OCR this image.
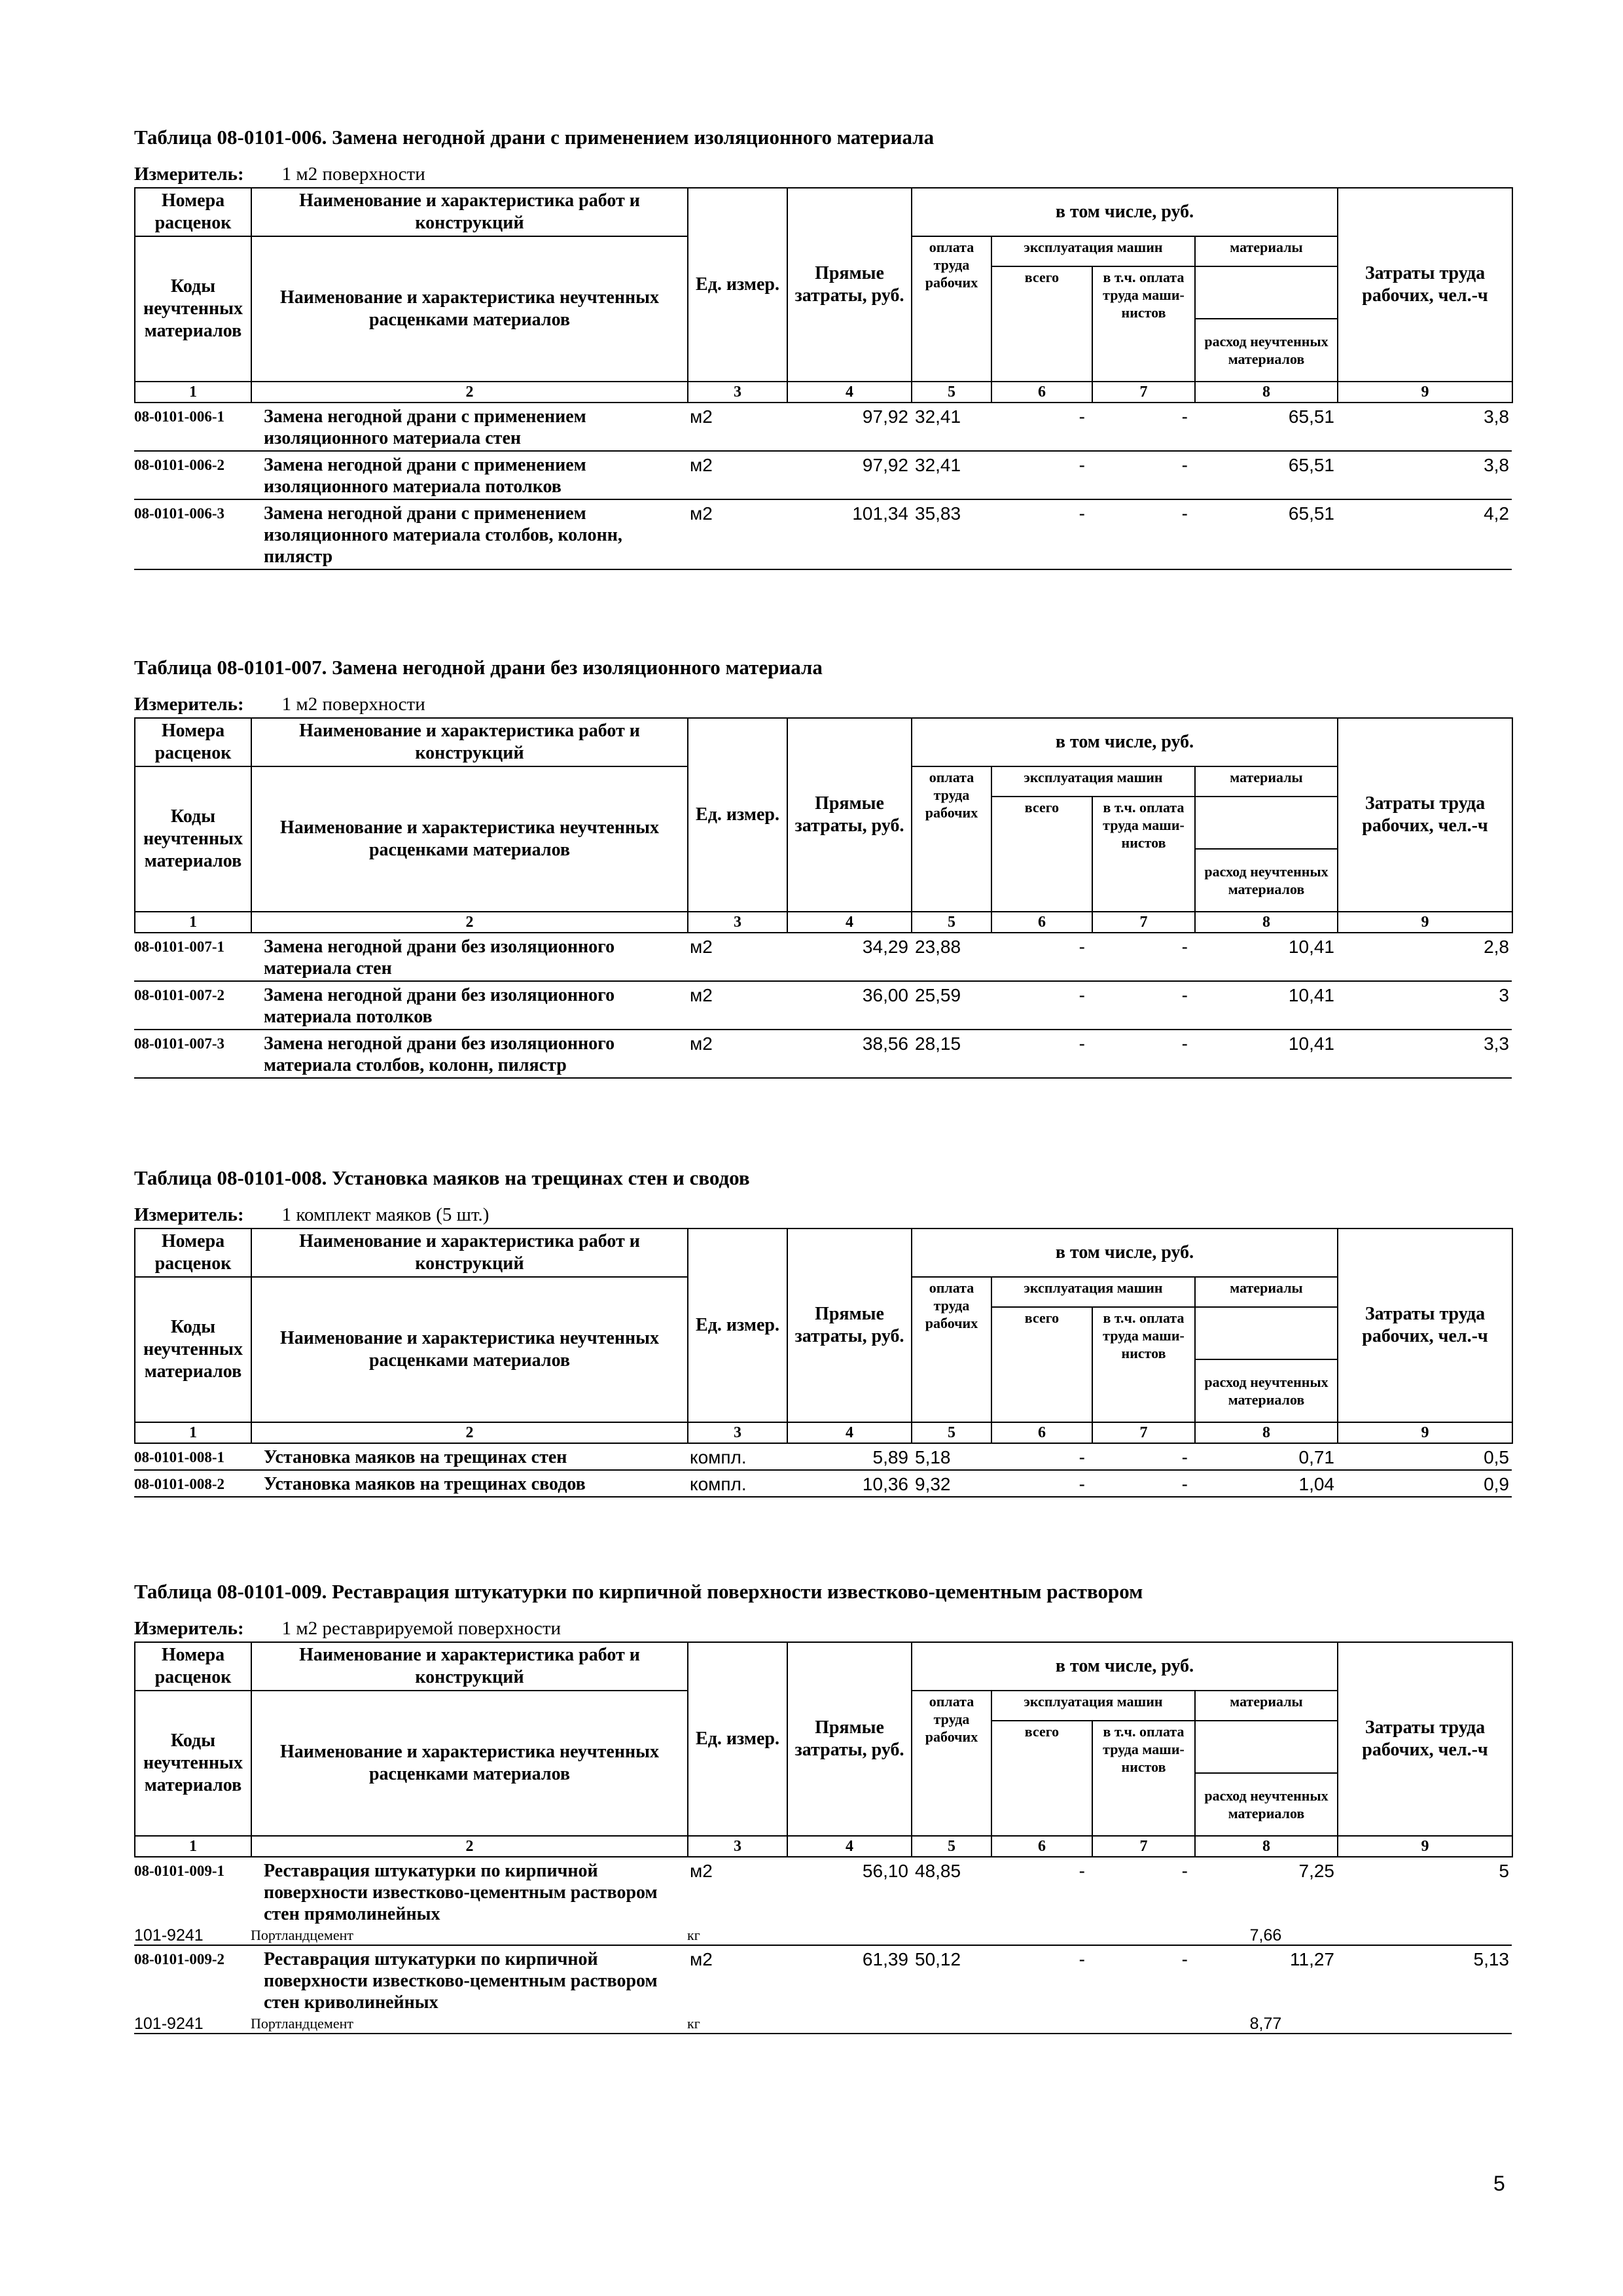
Таблица 08-0101-006. Замена негодной драни с применением изоляционного материала
Измеритель: 1 м2 поверхности
Номера расценок	Наименование и характеристика работ и конструкций	Ед. измер.	Прямые затраты, руб.	в том числе, руб.				Затраты труда рабочих, чел.-ч
Коды неучтенных материалов	Наименование и характеристика неучтенных расценками материалов			оплата труда рабочих	эксплуатация машин		материалы	
					всего	в т.ч. оплата труда маши-нистов		
							расход неучтенных материалов	
1	2	3	4	5	6	7	8	9
08-0101-006-1	Замена негодной драни с применением изоляционного материала стен	м2	97,92	32,41	-	-	65,51	3,8
08-0101-006-2	Замена негодной драни с применением изоляционного материала потолков	м2	97,92	32,41	-	-	65,51	3,8
08-0101-006-3	Замена негодной драни с применением изоляционного материала столбов, колонн, пилястр	м2	101,34	35,83	-	-	65,51	4,2
Таблица 08-0101-007. Замена негодной драни без изоляционного материала
Измеритель: 1 м2 поверхности
Номера расценок	Наименование и характеристика работ и конструкций	Ед. измер.	Прямые затраты, руб.	в том числе, руб.				Затраты труда рабочих, чел.-ч
Коды неучтенных материалов	Наименование и характеристика неучтенных расценками материалов			оплата труда рабочих	эксплуатация машин		материалы	
					всего	в т.ч. оплата труда маши-нистов		
							расход неучтенных материалов	
1	2	3	4	5	6	7	8	9
08-0101-007-1	Замена негодной драни без изоляционного материала стен	м2	34,29	23,88	-	-	10,41	2,8
08-0101-007-2	Замена негодной драни без изоляционного материала потолков	м2	36,00	25,59	-	-	10,41	3
08-0101-007-3	Замена негодной драни без изоляционного материала столбов, колонн, пилястр	м2	38,56	28,15	-	-	10,41	3,3
Таблица 08-0101-008. Установка маяков на трещинах стен и сводов
Измеритель: 1 комплект маяков (5 шт.)
Номера расценок	Наименование и характеристика работ и конструкций	Ед. измер.	Прямые затраты, руб.	в том числе, руб.				Затраты труда рабочих, чел.-ч
Коды неучтенных материалов	Наименование и характеристика неучтенных расценками материалов			оплата труда рабочих	эксплуатация машин		материалы	
					всего	в т.ч. оплата труда маши-нистов		
							расход неучтенных материалов	
1	2	3	4	5	6	7	8	9
08-0101-008-1	Установка маяков на трещинах стен	компл.	5,89	5,18	-	-	0,71	0,5
08-0101-008-2	Установка маяков на трещинах сводов	компл.	10,36	9,32	-	-	1,04	0,9
Таблица 08-0101-009. Реставрация штукатурки по кирпичной поверхности известково-цементным раствором
Измеритель: 1 м2 реставрируемой поверхности
Номера расценок	Наименование и характеристика работ и конструкций	Ед. измер.	Прямые затраты, руб.	в том числе, руб.				Затраты труда рабочих, чел.-ч
Коды неучтенных материалов	Наименование и характеристика неучтенных расценками материалов			оплата труда рабочих	эксплуатация машин		материалы	
					всего	в т.ч. оплата труда маши-нистов		
							расход неучтенных материалов	
1	2	3	4	5	6	7	8	9
08-0101-009-1	Реставрация штукатурки по кирпичной поверхности известково-цементным раствором стен прямолинейных	м2	56,10	48,85	-	-	7,25	5
101-9241	Портландцемент	кг					7,66	
08-0101-009-2	Реставрация штукатурки по кирпичной поверхности известково-цементным раствором стен криволинейных	м2	61,39	50,12	-	-	11,27	5,13
101-9241	Портландцемент	кг					8,77	
5
